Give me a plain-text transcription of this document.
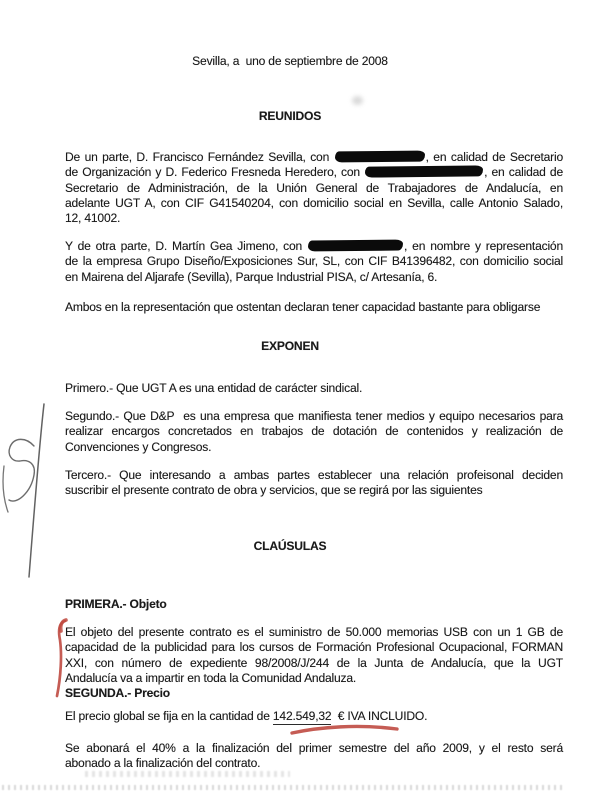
Sevilla, a  uno de septiembre de 2008
REUNIDOS
De un parte, D. Francisco Fernández Sevilla, con	, en calidad de Secretario
de Organización y D. Federico Fresneda Heredero, con	, en calidad de
Secretario de Administración, de la Unión General de Trabajadores de Andalucía, en
adelante UGT A, con CIF G41540204, con domicilio social en Sevilla, calle Antonio Salado,
12, 41002.
Y de otra parte, D. Martín Gea Jimeno, con	, en nombre y representación
de la empresa Grupo Diseño/Exposiciones Sur, SL, con CIF B41396482, con domicilio social
en Mairena del Aljarafe (Sevilla), Parque Industrial PISA, c/ Artesanía, 6.
Ambos en la representación que ostentan declaran tener capacidad bastante para obligarse
EXPONEN
Primero.- Que UGT A es una entidad de carácter sindical.
Segundo.- Que D&P  es una empresa que manifiesta tener medios y equipo necesarios para
realizar encargos concretados en trabajos de dotación de contenidos y realización de
Convenciones y Congresos.
Tercero.- Que interesando a ambas partes establecer una relación profeisonal deciden
suscribir el presente contrato de obra y servicios, que se regirá por las siguientes
CLAÚSULAS
PRIMERA.- Objeto
El objeto del presente contrato es el suministro de 50.000 memorias USB con un 1 GB de
capacidad de la publicidad para los cursos de Formación Profesional Ocupacional, FORMAN
XXI, con número de expediente 98/2008/J/244 de la Junta de Andalucía, que la UGT
Andalucía va a impartir en toda la Comunidad Andaluza.
SEGUNDA.- Precio
El precio global se fija en la cantidad de 142.549,32  € IVA INCLUIDO.
Se abonará el 40% a la finalización del primer semestre del año 2009, y el resto será
abonado a la finalización del contrato.
